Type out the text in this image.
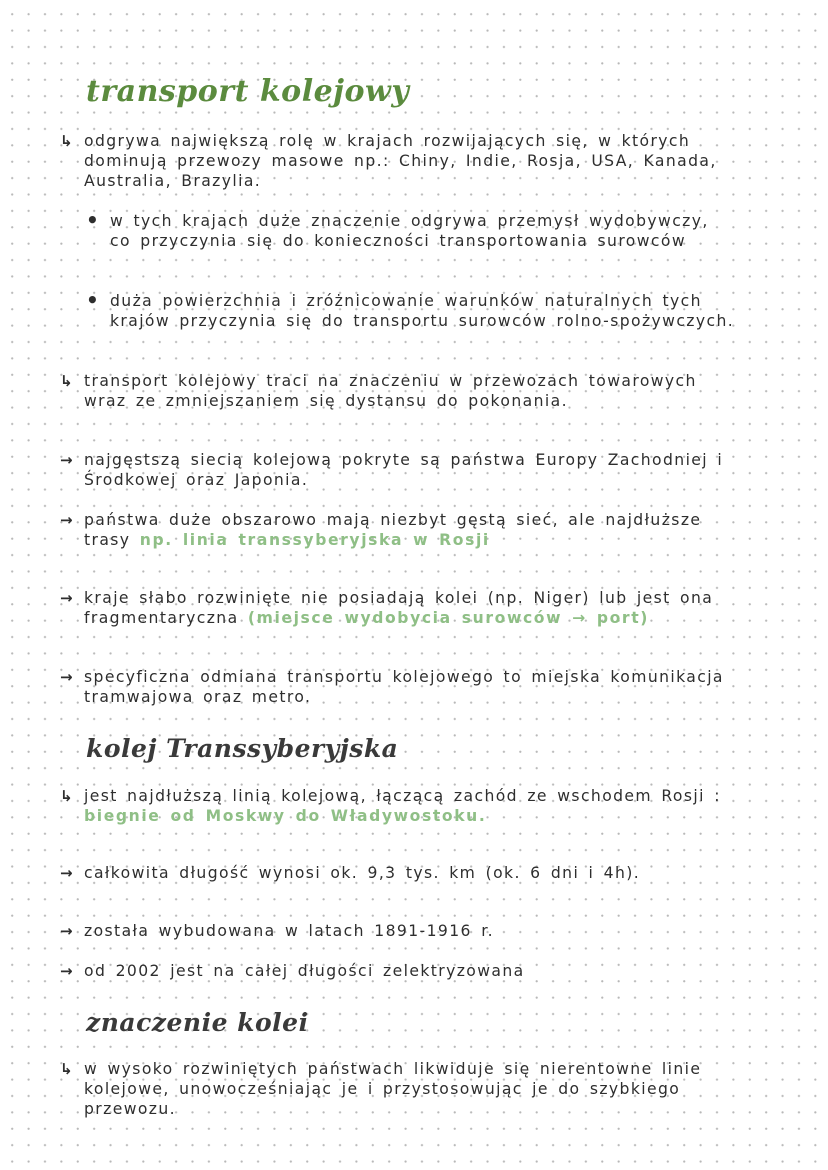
transport kolejowy
↳ odgrywa największą rolę w krajach rozwijających się, w których dominują przewozy masowe np.: Chiny, Indie, Rosja, USA, Kanada, Australia, Brazylia.
• w tych krajach duże znaczenie odgrywa przemysł wydobywczy, co przyczynia się do konieczności transportowania surowców
• duża powierzchnia i zróżnicowanie warunków naturalnych tych krajów przyczynia się do transportu surowców rolno-spożywczych.
↳ transport kolejowy traci na znaczeniu w przewozach towarowych wraz ze zmniejszaniem się dystansu do pokonania.
→ najgęstszą siecią kolejową pokryte są państwa Europy Zachodniej i Środkowej oraz Japonia.
→ państwa duże obszarowo mają niezbyt gęstą sieć, ale najdłuższe trasy np. linia transsyberyjska w Rosji
→ kraje słabo rozwinięte nie posiadają kolei (np. Niger) lub jest ona fragmentaryczna (miejsce wydobycia surowców → port)
→ specyficzna odmiana transportu kolejowego to miejska komunikacja tramwajowa oraz metro.
kolej Transsyberyjska
↳ jest najdłuższą linią kolejową, łączącą zachód ze wschodem Rosji : biegnie od Moskwy do Władywostoku.
→ całkowita długość wynosi ok. 9,3 tys. km (ok. 6 dni i 4h).
→ została wybudowana w latach 1891-1916 r.
→ od 2002 jest na całej długości zelektryzowana
znaczenie kolei
↳ w wysoko rozwiniętych państwach likwiduje się nierentowne linie kolejowe, unowocześniając je i przystosowując je do szybkiego przewozu.
